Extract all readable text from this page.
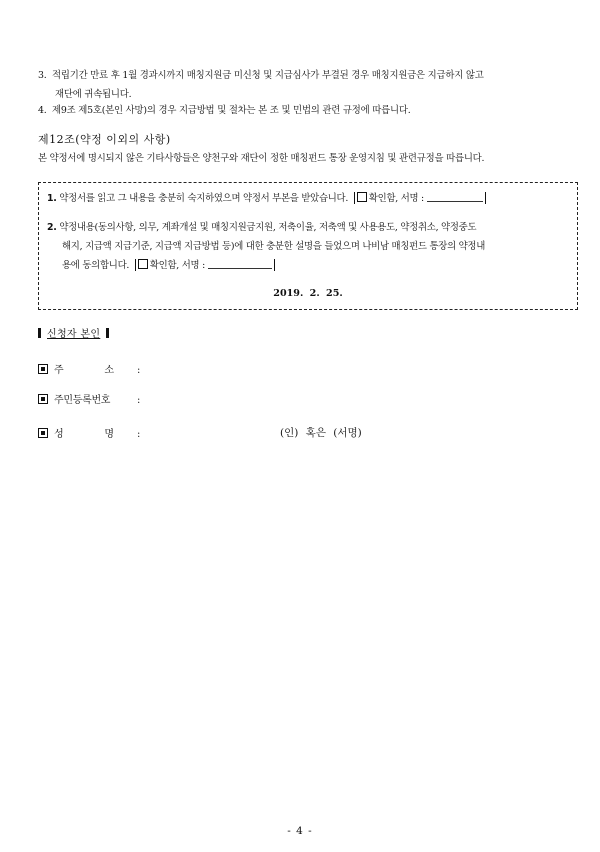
3. 적립기간 만료 후 1월 경과시까지 매칭지원금 미신청 및 지급심사가 부결된 경우 매칭지원금은 지급하지 않고
재단에 귀속됩니다.
4. 제9조 제5호(본인 사망)의 경우 지급방법 및 절차는 본 조 및 민법의 관련 규정에 따릅니다.
제12조(약정 이외의 사항)
본 약정서에 명시되지 않은 기타사항들은 양천구와 재단이 정한 매칭펀드 통장 운영지침 및 관련규정을 따릅니다.
1. 약정서를 읽고 그 내용을 충분히 숙지하였으며 약정서 부본을 받았습니다. 확인함, 서명 :
2. 약정내용(동의사항, 의무, 계좌개설 및 매칭지원금지원, 저축이율, 저축액 및 사용용도, 약정취소, 약정중도
해지, 지급액 지급기준, 지급액 지급방법 등)에 대한 충분한 설명을 들었으며 나비남 매칭펀드 통장의 약정내
용에 동의합니다. 확인함, 서명 :
2019. 2. 25.
신청자 본인
주	소 :
주민등록번호	:
성	명 :	(인) 혹은 (서명)
- 4 -
